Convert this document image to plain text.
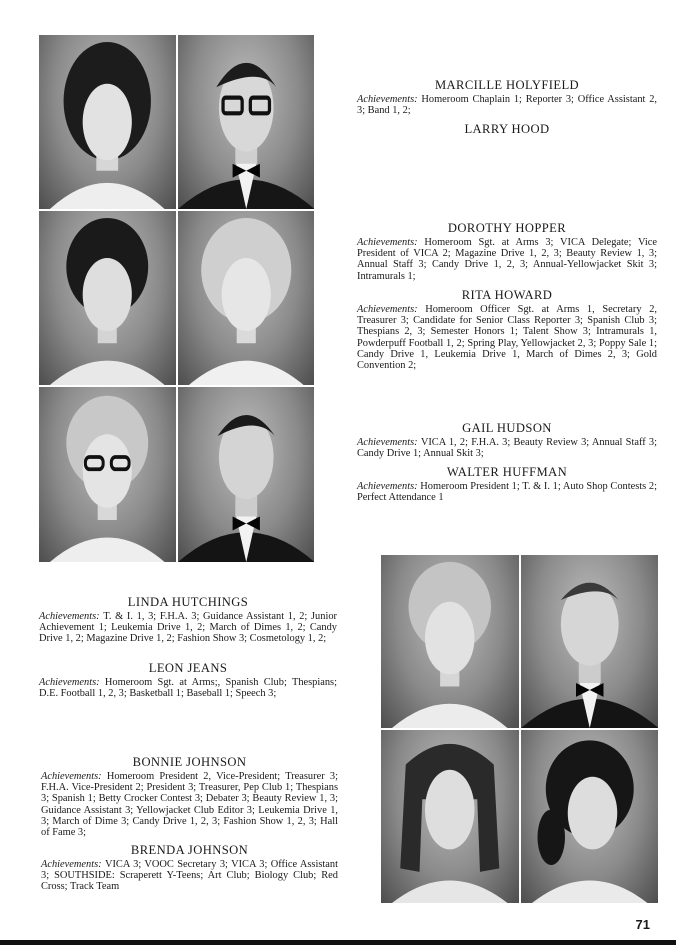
MARCILLE HOLYFIELD
Achievements: Homeroom Chaplain 1; Reporter 3; Office Assistant 2, 3; Band 1, 2;
LARRY HOOD
DOROTHY HOPPER
Achievements: Homeroom Sgt. at Arms 3; VICA Delegate; Vice President of VICA 2; Magazine Drive 1, 2, 3; Beauty Review 1, 3; Annual Staff 3; Candy Drive 1, 2, 3; Annual-Yellowjacket Skit 3; Intramurals 1;
RITA HOWARD
Achievements: Homeroom Officer Sgt. at Arms 1, Secretary 2, Treasurer 3; Candidate for Senior Class Reporter 3; Spanish Club 3; Thespians 2, 3; Semester Honors 1; Talent Show 3; Intramurals 1, Powderpuff Football 1, 2; Spring Play, Yellowjacket 2, 3; Poppy Sale 1; Candy Drive 1, Leukemia Drive 1, March of Dimes 2, 3; Gold Convention 2;
GAIL HUDSON
Achievements: VICA 1, 2; F.H.A. 3; Beauty Review 3; Annual Staff 3; Candy Drive 1; Annual Skit 3;
WALTER HUFFMAN
Achievements: Homeroom President 1; T. & I. 1; Auto Shop Contests 2; Perfect Attendance 1
LINDA HUTCHINGS
Achievements: T. & I. 1, 3; F.H.A. 3; Guidance Assistant 1, 2; Junior Achievement 1; Leukemia Drive 1, 2; March of Dimes 1, 2; Candy Drive 1, 2; Magazine Drive 1, 2; Fashion Show 3; Cosmetology 1, 2;
LEON JEANS
Achievements: Homeroom Sgt. at Arms;, Spanish Club; Thespians; D.E. Football 1, 2, 3; Basketball 1; Baseball 1; Speech 3;
BONNIE JOHNSON
Achievements: Homeroom President 2, Vice-President; Treasurer 3; F.H.A. Vice-President 2; President 3; Treasurer, Pep Club 1; Thespians 3; Spanish 1; Betty Crocker Contest 3; Debater 3; Beauty Review 1, 3; Guidance Assistant 3; Yellowjacket Club Editor 3; Leukemia Drive 1, 3; March of Dime 3; Candy Drive 1, 2, 3; Fashion Show 1, 2, 3; Hall of Fame 3;
BRENDA JOHNSON
Achievements: VICA 3; VOOC Secretary 3; VICA 3; Office Assistant 3; SOUTHSIDE: Scraperett Y-Teens; Art Club; Biology Club; Red Cross; Track Team
71
